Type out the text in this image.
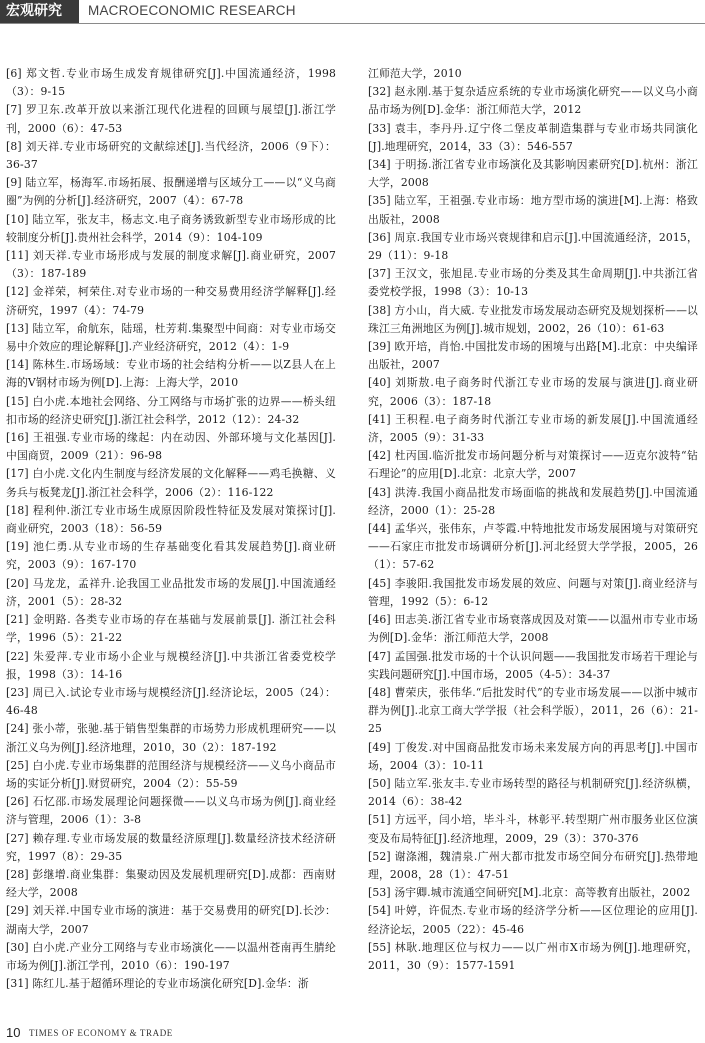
宏观研究	MACROECONOMIC RESEARCH

[6] 郑文哲.专业市场生成发育规律研究[J].中国流通经济，1998（3）：9-15

[7] 罗卫东.改革开放以来浙江现代化进程的回顾与展望[J].浙江学刊，2000（6）：47-53

[8] 刘天祥.专业市场研究的文献综述[J].当代经济，2006（9下）：36-37

[9] 陆立军，杨海军.市场拓展、报酬递增与区域分工——以“义乌商圈”为例的分析[J].经济研究，2007（4）：67-78

[10] 陆立军，张友丰，杨志文.电子商务诱致新型专业市场形成的比较制度分析[J].贵州社会科学，2014（9）：104-109

[11] 刘天祥.专业市场形成与发展的制度求解[J].商业研究，2007（3）：187-189

[12] 金祥荣，柯荣住.对专业市场的一种交易费用经济学解释[J].经济研究，1997（4）：74-79

[13] 陆立军，俞航东，陆瑶，杜芳莉.集聚型中间商：对专业市场交易中介效应的理论解释[J].产业经济研究，2012（4）：1-9

[14] 陈林生.市场场域：专业市场的社会结构分析——以Z县人在上海的V钢材市场为例[D].上海：上海大学，2010

[15] 白小虎.本地社会网络、分工网络与市场扩张的边界——桥头纽扣市场的经济史研究[J].浙江社会科学，2012（12）：24-32

[16] 王祖强.专业市场的缘起：内在动因、外部环境与文化基因[J].中国商贸，2009（21）：96-98

[17] 白小虎.文化内生制度与经济发展的文化解释——鸡毛换糖、义务兵与板凳龙[J].浙江社会科学，2006（2）：116-122

[18] 程利仲.浙江专业市场生成原因阶段性特征及发展对策探讨[J].商业研究，2003（18）：56-59

[19] 池仁勇.从专业市场的生存基础变化看其发展趋势[J].商业研究，2003（9）：167-170

[20] 马龙龙，孟祥升.论我国工业品批发市场的发展[J].中国流通经济，2001（5）：28-32

[21] 金明路. 各类专业市场的存在基础与发展前景[J]. 浙江社会科学，1996（5）：21-22

[22] 朱爱萍.专业市场小企业与规模经济[J].中共浙江省委党校学报，1998（3）：14-16

[23] 周已入.试论专业市场与规模经济[J].经济论坛，2005（24）：46-48

[24] 张小蒂，张驰.基于销售型集群的市场势力形成机理研究——以浙江义乌为例[J].经济地理，2010，30（2）：187-192

[25] 白小虎.专业市场集群的范围经济与规模经济——义乌小商品市场的实证分析[J].财贸研究，2004（2）：55-59

[26] 石忆邵.市场发展理论问题探微——以义乌市场为例[J].商业经济与管理，2006（1）：3-8

[27] 赖存理.专业市场发展的数量经济原理[J].数量经济技术经济研究，1997（8）：29-35

[28] 彭继增.商业集群：集聚动因及发展机理研究[D].成都：西南财经大学，2008

[29] 刘天祥.中国专业市场的演进：基于交易费用的研究[D].长沙：湖南大学，2007

[30] 白小虎.产业分工网络与专业市场演化——以温州苍南再生腈纶市场为例[J].浙江学刊，2010（6）：190-197

[31] 陈红儿.基于超循环理论的专业市场演化研究[D].金华：浙

江师范大学，2010

[32] 赵永刚.基于复杂适应系统的专业市场演化研究——以义乌小商品市场为例[D].金华：浙江师范大学，2012

[33] 袁丰，李丹丹.辽宁佟二堡皮革制造集群与专业市场共同演化[J].地理研究，2014，33（3）：546-557

[34] 于明扬.浙江省专业市场演化及其影响因素研究[D].杭州：浙江大学，2008

[35] 陆立军，王祖强.专业市场：地方型市场的演进[M].上海：格致出版社，2008

[36] 周京.我国专业市场兴衰规律和启示[J].中国流通经济，2015，29（11）：9-18

[37] 王汉文，张旭昆.专业市场的分类及其生命周期[J].中共浙江省委党校学报，1998（3）：10-13

[38] 方小山，肖大威. 专业批发市场发展动态研究及规划探析——以珠江三角洲地区为例[J].城市规划，2002，26（10）：61-63

[39] 欧开培，肖怡.中国批发市场的困境与出路[M].北京：中央编译出版社，2007

[40] 刘斯敖.电子商务时代浙江专业市场的发展与演进[J].商业研究，2006（3）：187-18

[41] 王积程.电子商务时代浙江专业市场的新发展[J].中国流通经济，2005（9）：31-33

[42] 杜丙国.临沂批发市场问题分析与对策探讨——迈克尔波特“钻石理论”的应用[D].北京：北京大学，2007

[43] 洪涛.我国小商品批发市场面临的挑战和发展趋势[J].中国流通经济，2000（1）：25-28

[44] 孟华兴，张伟东，卢苓霞.中特地批发市场发展困境与对策研究——石家庄市批发市场调研分析[J].河北经贸大学学报，2005，26（1）：57-62

[45] 李骏阳.我国批发市场发展的效应、问题与对策[J].商业经济与管理，1992（5）：6-12

[46] 田志美.浙江省专业市场衰落成因及对策——以温州市专业市场为例[D].金华：浙江师范大学，2008

[47] 孟国强.批发市场的十个认识问题——我国批发市场若干理论与实践问题研究[J].中国市场，2005（4-5）：34-37

[48] 曹荣庆，张伟华.“后批发时代”的专业市场发展——以浙中城市群为例[J].北京工商大学学报（社会科学版），2011，26（6）：21-25

[49] 丁俊发.对中国商品批发市场未来发展方向的再思考[J].中国市场，2004（3）：10-11

[50] 陆立军.张友丰.专业市场转型的路径与机制研究[J].经济纵横，2014（6）：38-42

[51] 方远平，闫小培，毕斗斗，林彰平.转型期广州市服务业区位演变及布局特征[J].经济地理，2009，29（3）：370-376

[52] 谢涤湘，魏清泉.广州大都市批发市场空间分布研究[J].热带地理，2008，28（1）：47-51

[53] 汤宇卿.城市流通空间研究[M].北京：高等教育出版社，2002

[54] 叶婷，许侃杰.专业市场的经济学分析——区位理论的应用[J].经济论坛，2005（22）：45-46

[55] 林耿.地理区位与权力——以广州市X市场为例[J].地理研究，2011，30（9）：1577-1591

10 TIMES OF ECONOMY & TRADE
